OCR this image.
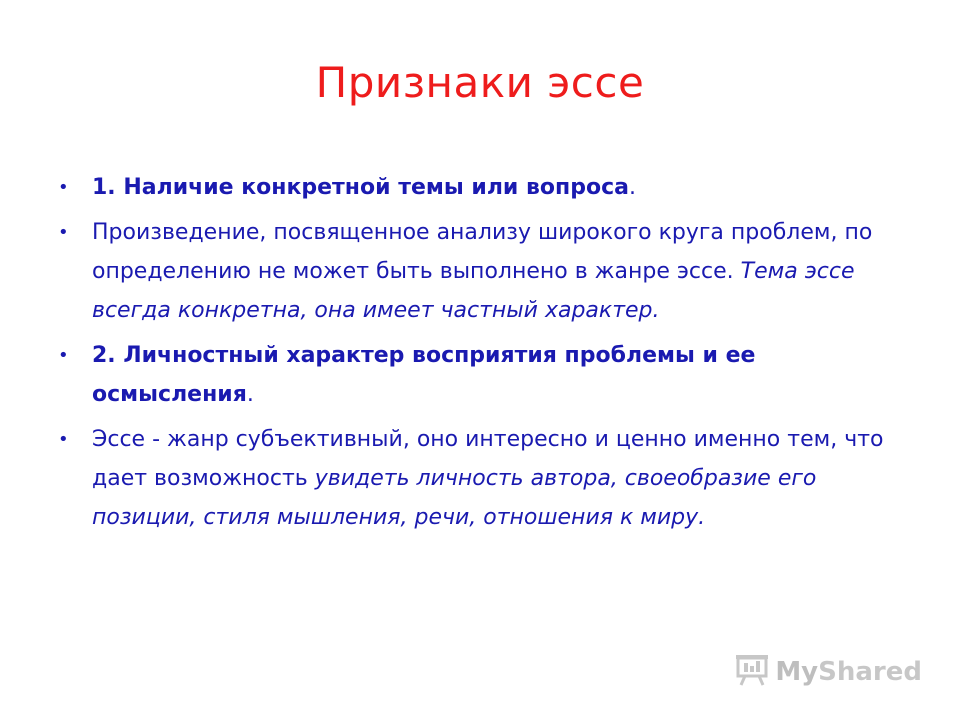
Признаки эссе
• 1. Наличие конкретной темы или вопроса.
• Произведение, посвященное анализу широкого круга проблем, по определению не может быть выполнено в жанре эссе. Тема эссе всегда конкретна, она имеет частный характер.
• 2. Личностный характер восприятия проблемы и ее осмысления.
• Эссе - жанр субъективный, оно интересно и ценно именно тем, что дает возможность увидеть личность автора, своеобразие его позиции, стиля мышления, речи, отношения к миру.
MyShared
